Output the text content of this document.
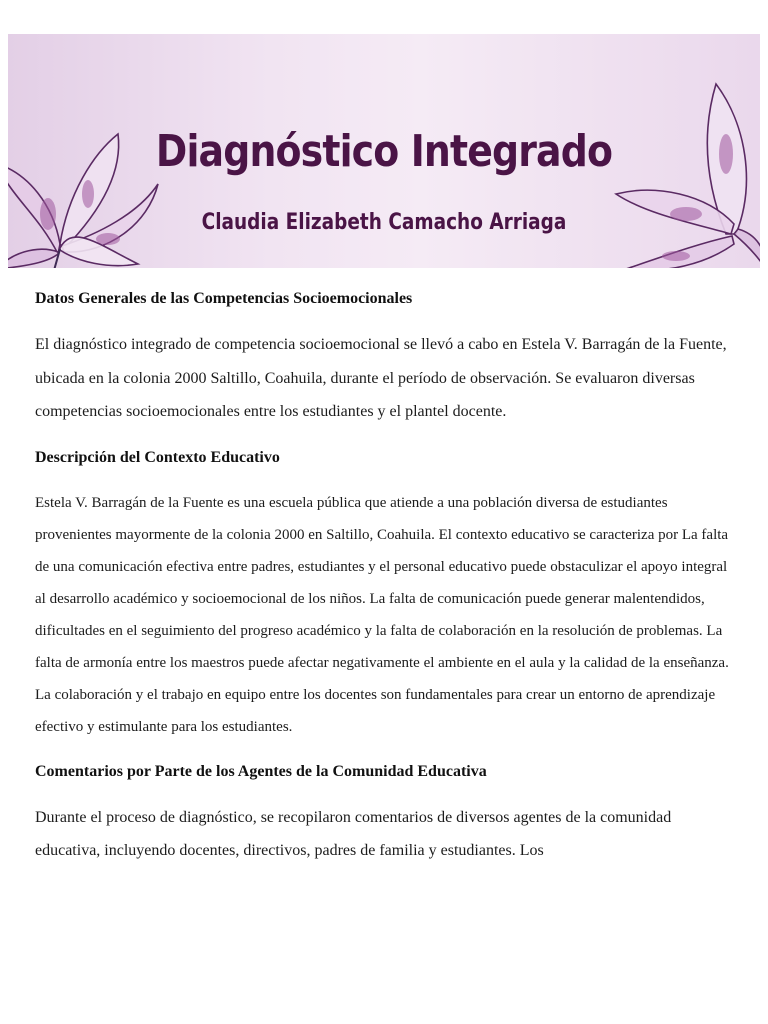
Diagnóstico Integrado
Claudia Elizabeth Camacho Arriaga
Datos Generales de las Competencias Socioemocionales
El diagnóstico integrado de competencia socioemocional se llevó a cabo en Estela V. Barragán de la Fuente, ubicada en la colonia 2000 Saltillo, Coahuila, durante el período de observación. Se evaluaron diversas competencias socioemocionales entre los estudiantes y el plantel docente.
Descripción del Contexto Educativo
Estela V. Barragán de la Fuente es una escuela pública que atiende a una población diversa de estudiantes provenientes mayormente de la colonia 2000 en Saltillo, Coahuila. El contexto educativo se caracteriza por La falta de una comunicación efectiva entre padres, estudiantes y el personal educativo puede obstaculizar el apoyo integral al desarrollo académico y socioemocional de los niños. La falta de comunicación puede generar malentendidos, dificultades en el seguimiento del progreso académico y la falta de colaboración en la resolución de problemas. La falta de armonía entre los maestros puede afectar negativamente el ambiente en el aula y la calidad de la enseñanza. La colaboración y el trabajo en equipo entre los docentes son fundamentales para crear un entorno de aprendizaje efectivo y estimulante para los estudiantes.
Comentarios por Parte de los Agentes de la Comunidad Educativa
Durante el proceso de diagnóstico, se recopilaron comentarios de diversos agentes de la comunidad educativa, incluyendo docentes, directivos, padres de familia y estudiantes. Los
